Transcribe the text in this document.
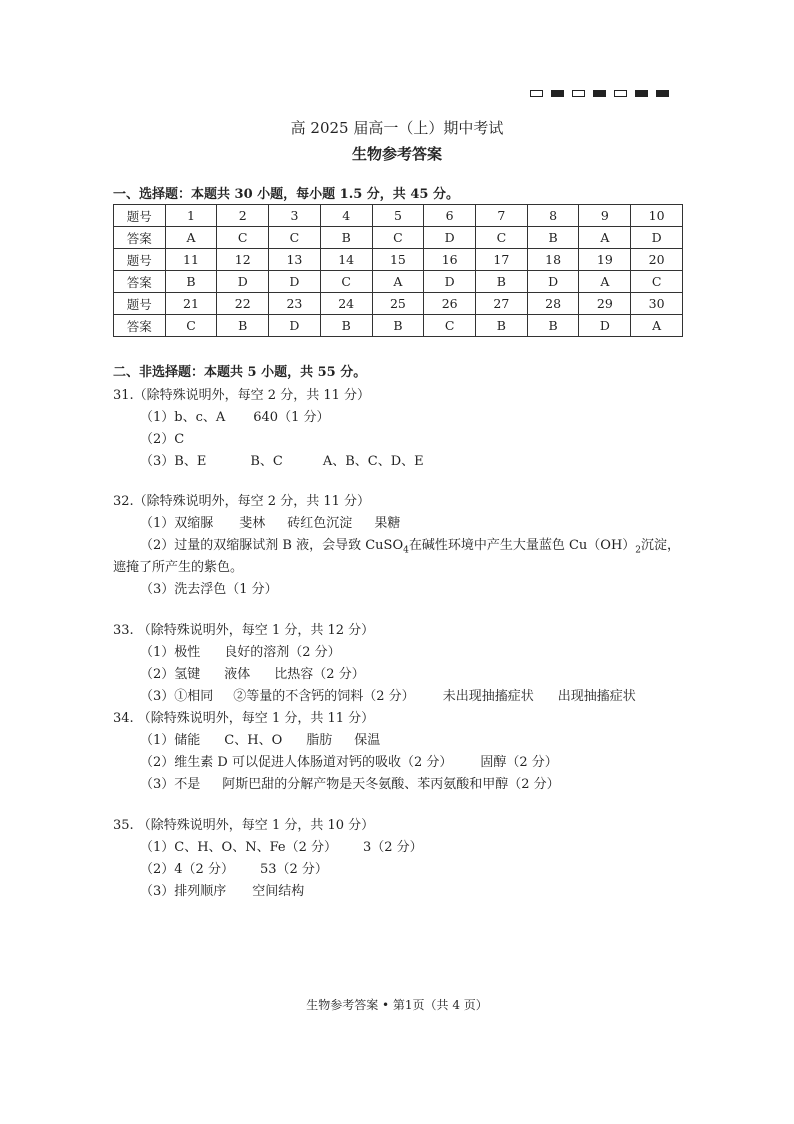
高 2025 届高一（上）期中考试
生物参考答案
一、选择题：本题共 30 小题，每小题 1.5 分，共 45 分。
题号	1	2	3	4	5	6	7	8	9	10
答案	A	C	C	B	C	D	C	B	A	D
题号	11	12	13	14	15	16	17	18	19	20
答案	B	D	D	C	A	D	B	D	A	C
题号	21	22	23	24	25	26	27	28	29	30
答案	C	B	D	B	B	C	B	B	D	A
二、非选择题：本题共 5 小题，共 55 分。
31.（除特殊说明外，每空 2 分，共 11 分）
（1）b、c、A 640（1 分）
（2）C
（3）B、E	B、C	A、B、C、D、E
32.（除特殊说明外，每空 2 分，共 11 分）
（1）双缩脲 斐林 砖红色沉淀 果糖
（2）过量的双缩脲试剂 B 液，会导致 CuSO$_4$在碱性环境中产生大量蓝色 $Cu(OH)_2$沉淀，
遮掩了所产生的紫色。
（3）洗去浮色（1 分）
33. （除特殊说明外，每空 1 分，共 12 分）
（1）极性 良好的溶剂（2 分）
（2）氢键 液体 比热容（2 分）
（3）①相同 ②等量的不含钙的饲料（2 分） 未出现抽搐症状 出现抽搐症状
34. （除特殊说明外，每空 1 分，共 11 分）
（1）储能 C、H、O 脂肪 保温
（2）维生素 D 可以促进人体肠道对钙的吸收（2 分） 固醇（2 分）
（3）不是 阿斯巴甜的分解产物是天冬氨酸、苯丙氨酸和甲醇（2 分）
35. （除特殊说明外，每空 1 分，共 10 分）
（1）C、H、O、N、Fe（2 分） 3（2 分）
（2）4（2 分） 53（2 分）
（3）排列顺序 空间结构
生物参考答案 • 第1页（共 4 页）
